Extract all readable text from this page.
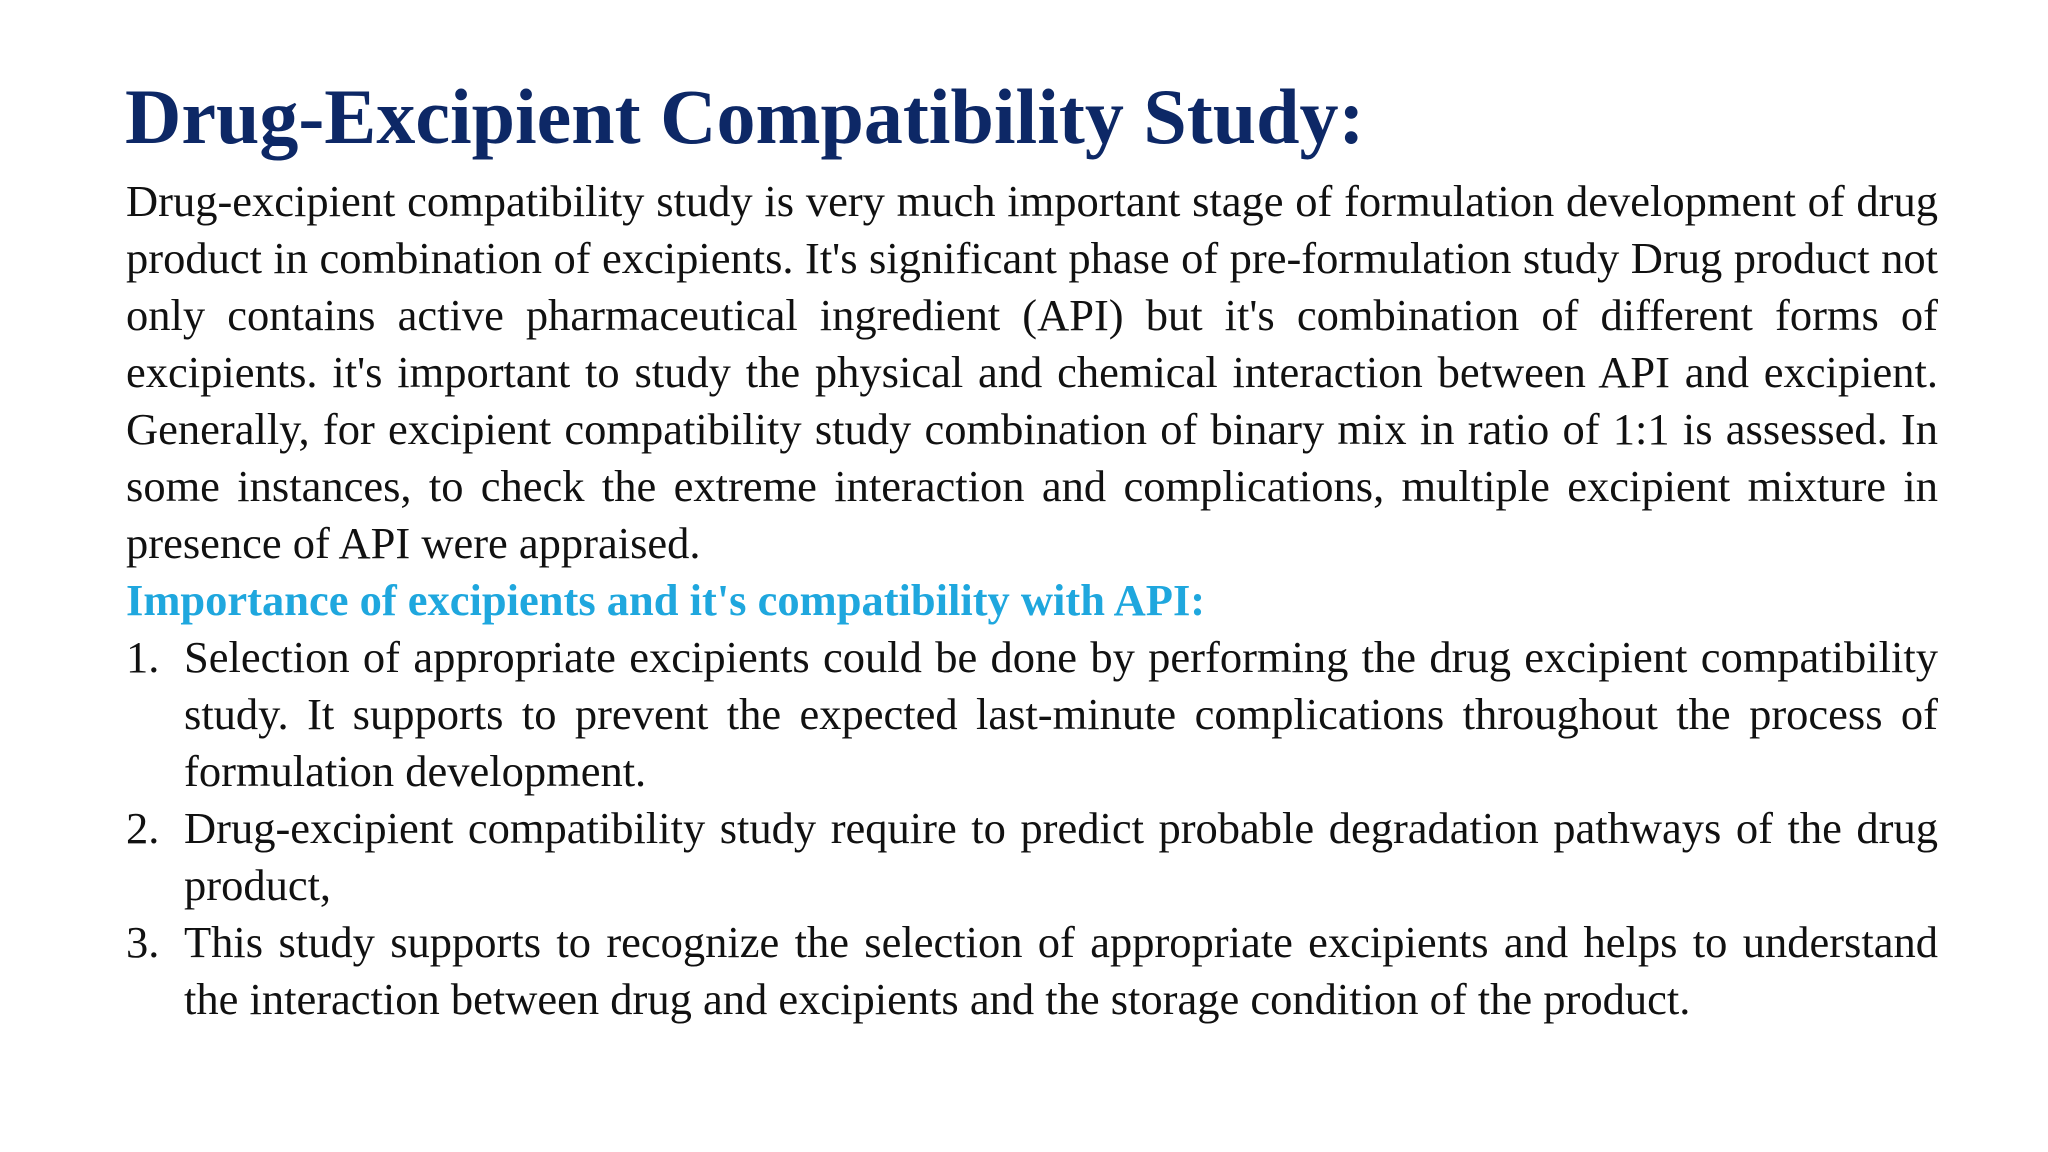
Drug-Excipient Compatibility Study:

Drug-excipient compatibility study is very much important stage of formulation development of drug product in combination of excipients. It's significant phase of pre-formulation study Drug product not only contains active pharmaceutical ingredient (API) but it's combination of different forms of excipients. it's important to study the physical and chemical interaction between API and excipient. Generally, for excipient compatibility study combination of binary mix in ratio of 1:1 is assessed. In some instances, to check the extreme interaction and complications, multiple excipient mixture in presence of API were appraised.

Importance of excipients and it's compatibility with API:

1. Selection of appropriate excipients could be done by performing the drug excipient compatibility study. It supports to prevent the expected last-minute complications throughout the process of formulation development.
2. Drug-excipient compatibility study require to predict probable degradation pathways of the drug product,
3. This study supports to recognize the selection of appropriate excipients and helps to understand the interaction between drug and excipients and the storage condition of the product.
